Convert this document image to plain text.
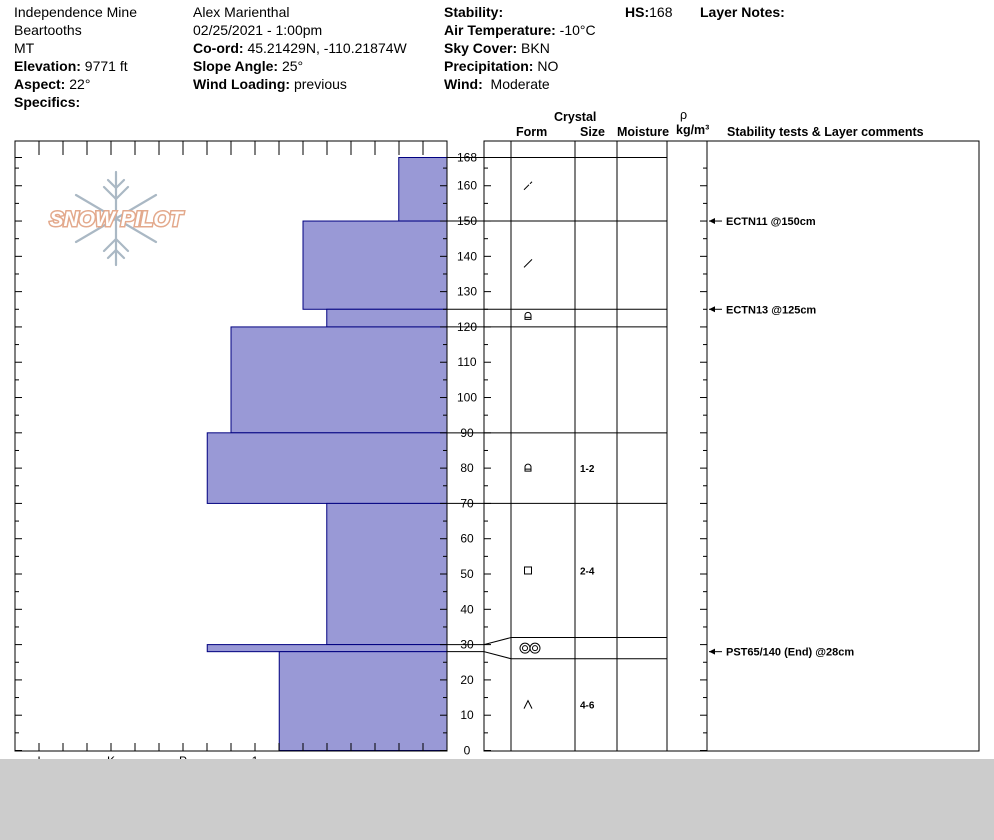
Independence Mine
Beartooths
MT
Elevation: 9771 ft
Aspect: 22°
Specifics:
Alex Marienthal
02/25/2021 - 1:00pm
Co-ord: 45.21429N, -110.21874W
Slope Angle: 25°
Wind Loading: previous
Stability:
Air Temperature: -10°C
Sky Cover: BKN
Precipitation: NO
Wind: Moderate
HS:168 Layer Notes:
Crystal
Form	Size Moisture
ρ
kg/m³ Stability tests & Layer comments
SNOW PILOT
0
10
20
30
40
50
60
70
80
90
100
110
120
130
140
150
160
168
1-2
2-4
4-6
ECTN11 @150cm
ECTN13 @125cm
PST65/140 (End) @28cm
